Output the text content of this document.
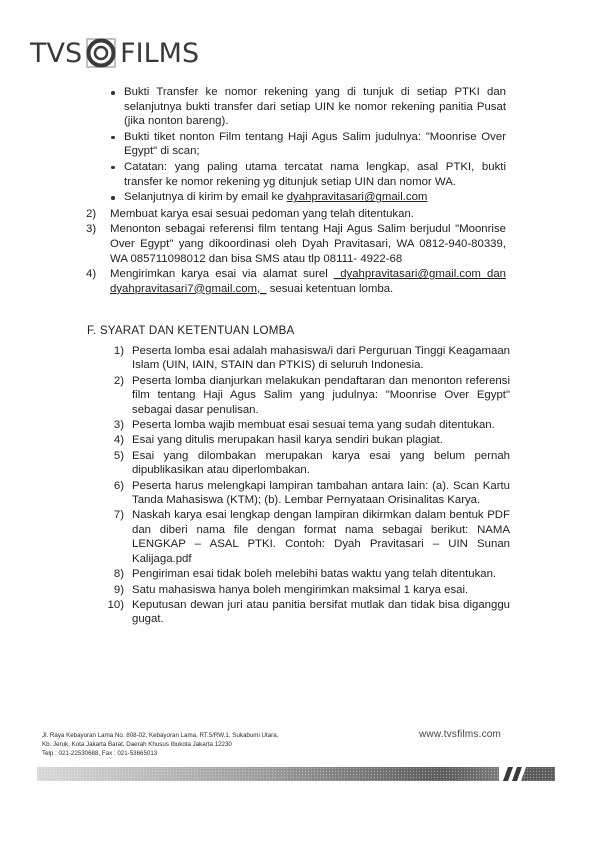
TVS FILMS
Bukti Transfer ke nomor rekening yang di tunjuk di setiap PTKI dan selanjutnya bukti transfer dari setiap UIN ke nomor rekening panitia Pusat (jika nonton bareng).
Bukti tiket nonton Film tentang Haji Agus Salim judulnya: "Moonrise Over Egypt" di scan;
Catatan: yang paling utama tercatat nama lengkap, asal PTKI, bukti transfer ke nomor rekening yg ditunjuk setiap UIN dan nomor WA.
Selanjutnya di kirim by email ke dyahpravitasari@gmail.com
2) Membuat karya esai sesuai pedoman yang telah ditentukan.
3) Menonton sebagai referensi film tentang Haji Agus Salim berjudul "Moonrise Over Egypt" yang dikoordinasi oleh Dyah Pravitasari, WA 0812-940-80339, WA 085711098012 dan bisa SMS atau tlp 08111- 4922-68
4) Mengirimkan karya esai via alamat surel _dyahpravitasari@gmail.com dan dyahpravitasari7@gmail.com,_ sesuai ketentuan lomba.
F. SYARAT DAN KETENTUAN LOMBA
1) Peserta lomba esai adalah mahasiswa/i dari Perguruan Tinggi Keagamaan Islam (UIN, IAIN, STAIN dan PTKIS) di seluruh Indonesia.
2) Peserta lomba dianjurkan melakukan pendaftaran dan menonton referensi film tentang Haji Agus Salim yang judulnya: "Moonrise Over Egypt" sebagai dasar penulisan.
3) Peserta lomba wajib membuat esai sesuai tema yang sudah ditentukan.
4) Esai yang ditulis merupakan hasil karya sendiri bukan plagiat.
5) Esai yang dilombakan merupakan karya esai yang belum pernah dipublikasikan atau diperlombakan.
6) Peserta harus melengkapi lampiran tambahan antara lain: (a). Scan Kartu Tanda Mahasiswa (KTM); (b). Lembar Pernyataan Orisinalitas Karya.
7) Naskah karya esai lengkap dengan lampiran dikirmkan dalam bentuk PDF dan diberi nama file dengan format nama sebagai berikut: NAMA LENGKAP – ASAL PTKI. Contoh: Dyah Pravitasari – UIN Sunan Kalijaga.pdf
8) Pengiriman esai tidak boleh melebihi batas waktu yang telah ditentukan.
9) Satu mahasiswa hanya boleh mengirimkan maksimal 1 karya esai.
10) Keputusan dewan juri atau panitia bersifat mutlak dan tidak bisa diganggu gugat.
Jl. Raya Kebayoran Lama No. 808-02, Kebayoran Lama, RT.5/RW.1, Sukabumi Utara,
Kb. Jeruk, Kota Jakarta Barat, Daerah Khusus Ibukota Jakarta 12230
Telp : 021-22530688, Fax : 021-53665013
www.tvsfilms.com
